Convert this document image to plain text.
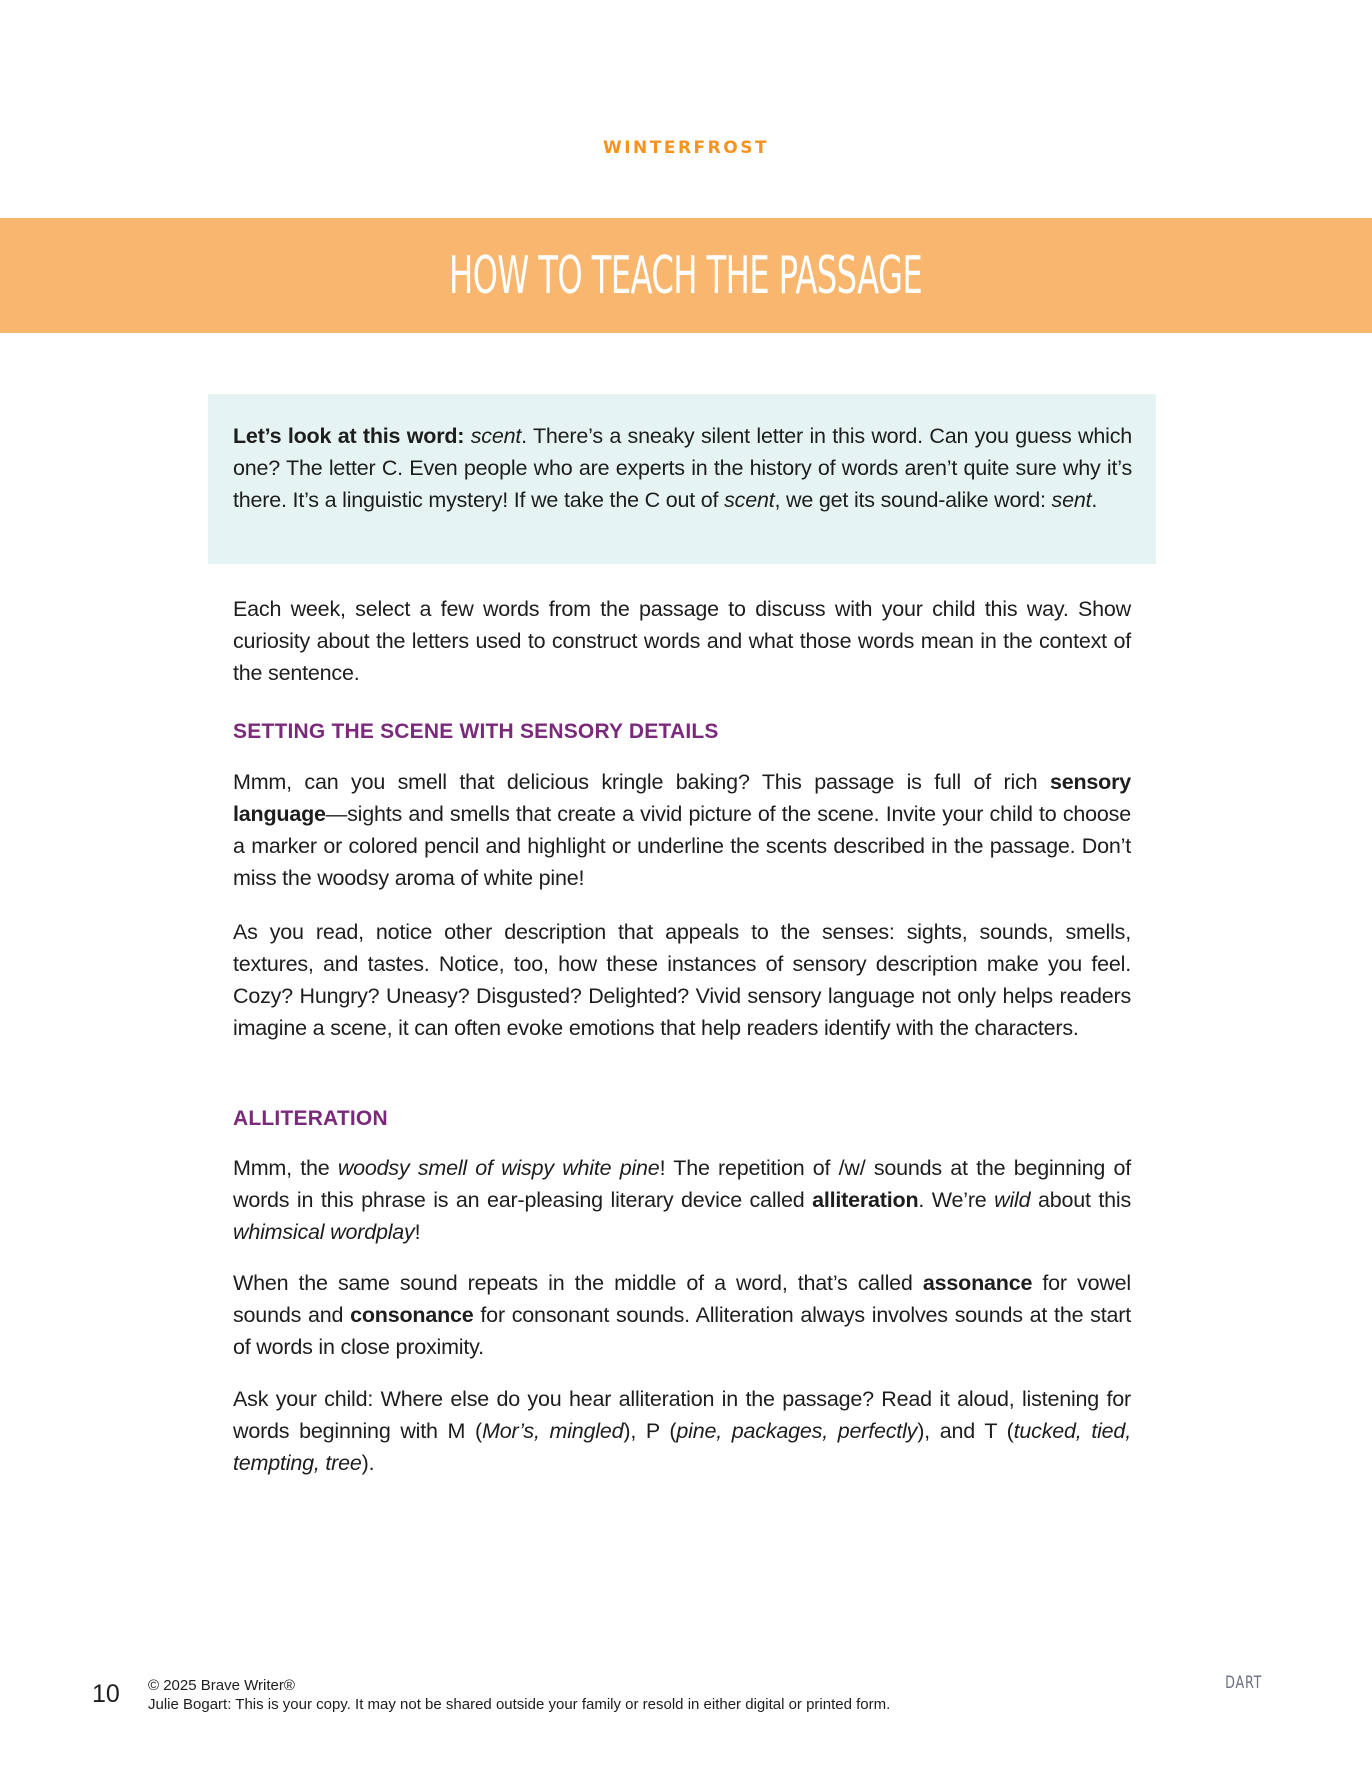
WINTERFROST
HOW TO TEACH THE PASSAGE

Let’s look at this word: scent. There’s a sneaky silent letter in this word. Can you guess which one? The letter C. Even people who are experts in the history of words aren’t quite sure why it’s there. It’s a linguistic mystery! If we take the C out of scent, we get its sound-alike word: sent.

Each week, select a few words from the passage to discuss with your child this way. Show curiosity about the letters used to construct words and what those words mean in the context of the sentence.

SETTING THE SCENE WITH SENSORY DETAILS

Mmm, can you smell that delicious kringle baking? This passage is full of rich sensory language—sights and smells that create a vivid picture of the scene. Invite your child to choose a marker or colored pencil and highlight or underline the scents described in the passage. Don’t miss the woodsy aroma of white pine!

As you read, notice other description that appeals to the senses: sights, sounds, smells, textures, and tastes. Notice, too, how these instances of sensory description make you feel. Cozy? Hungry? Uneasy? Disgusted? Delighted? Vivid sensory language not only helps readers imagine a scene, it can often evoke emotions that help readers identify with the characters.

ALLITERATION

Mmm, the woodsy smell of wispy white pine! The repetition of /w/ sounds at the beginning of words in this phrase is an ear-pleasing literary device called alliteration. We’re wild about this whimsical wordplay!

When the same sound repeats in the middle of a word, that’s called assonance for vowel sounds and consonance for consonant sounds. Alliteration always involves sounds at the start of words in close proximity.

Ask your child: Where else do you hear alliteration in the passage? Read it aloud, listening for words beginning with M (Mor’s, mingled), P (pine, packages, perfectly), and T (tucked, tied, tempting, tree).

10 © 2025 Brave Writer®
Julie Bogart: This is your copy. It may not be shared outside your family or resold in either digital or printed form.
DART
